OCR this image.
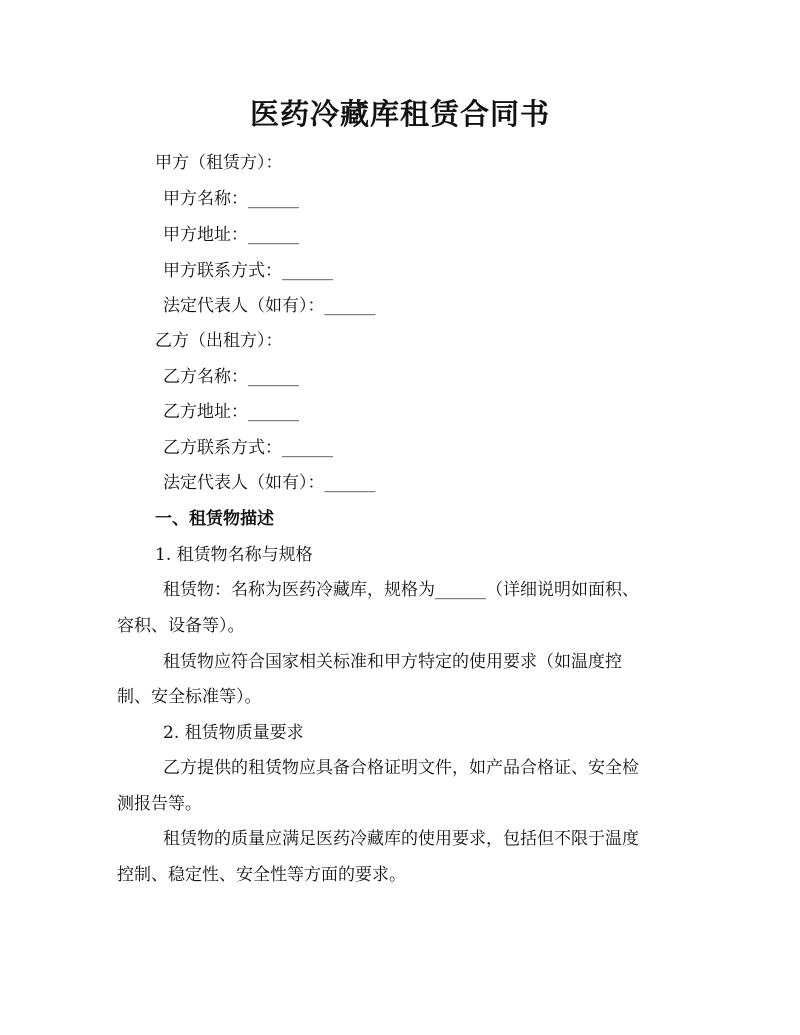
医药冷藏库租赁合同书
甲方（租赁方）：
甲方名称：______
甲方地址：______
甲方联系方式：______
法定代表人（如有）：______
乙方（出租方）：
乙方名称：______
乙方地址：______
乙方联系方式：______
法定代表人（如有）：______
一、租赁物描述
1. 租赁物名称与规格
租赁物：名称为医药冷藏库，规格为______（详细说明如面积、
容积、设备等）。
租赁物应符合国家相关标准和甲方特定的使用要求（如温度控
制、安全标准等）。
2. 租赁物质量要求
乙方提供的租赁物应具备合格证明文件，如产品合格证、安全检
测报告等。
租赁物的质量应满足医药冷藏库的使用要求，包括但不限于温度
控制、稳定性、安全性等方面的要求。
